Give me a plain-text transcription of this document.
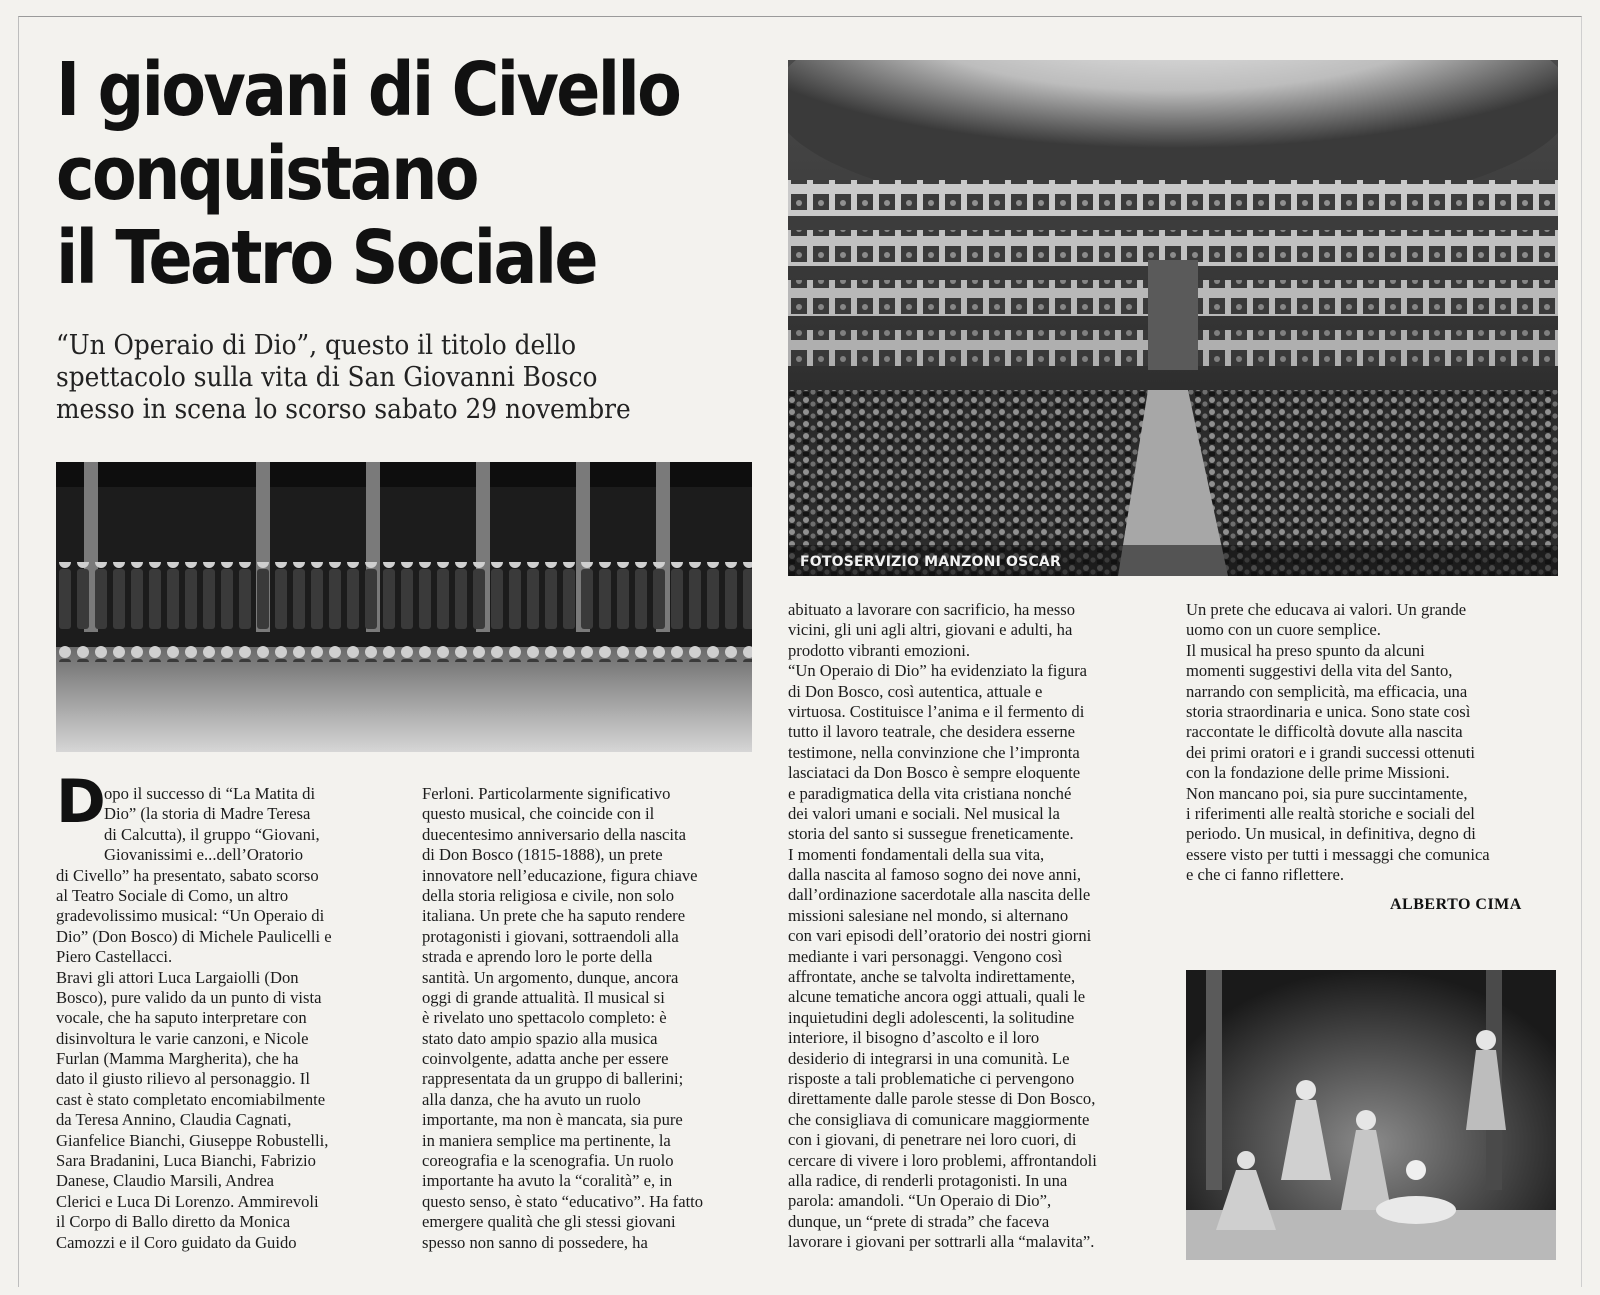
I giovani di Civello
conquistano
il Teatro Sociale
“Un Operaio di Dio”, questo il titolo dello
spettacolo sulla vita di San Giovanni Bosco
messo in scena lo scorso sabato 29 novembre
FOTOSERVIZIO MANZONI OSCAR
D
opo il successo di “La Matita di
Dio” (la storia di Madre Teresa
di Calcutta), il gruppo “Giovani,
Giovanissimi e...dell’Oratorio
di Civello” ha presentato, sabato scorso
al Teatro Sociale di Como, un altro
gradevolissimo musical: “Un Operaio di
Dio” (Don Bosco) di Michele Paulicelli e
Piero Castellacci.
Bravi gli attori Luca Largaiolli (Don
Bosco), pure valido da un punto di vista
vocale, che ha saputo interpretare con
disinvoltura le varie canzoni, e Nicole
Furlan (Mamma Margherita), che ha
dato il giusto rilievo al personaggio. Il
cast è stato completato encomiabilmente
da Teresa Annino, Claudia Cagnati,
Gianfelice Bianchi, Giuseppe Robustelli,
Sara Bradanini, Luca Bianchi, Fabrizio
Danese, Claudio Marsili, Andrea
Clerici e Luca Di Lorenzo. Ammirevoli
il Corpo di Ballo diretto da Monica
Camozzi e il Coro guidato da Guido
Ferloni. Particolarmente significativo
questo musical, che coincide con il
duecentesimo anniversario della nascita
di Don Bosco (1815-1888), un prete
innovatore nell’educazione, figura chiave
della storia religiosa e civile, non solo
italiana. Un prete che ha saputo rendere
protagonisti i giovani, sottraendoli alla
strada e aprendo loro le porte della
santità. Un argomento, dunque, ancora
oggi di grande attualità. Il musical si
è rivelato uno spettacolo completo: è
stato dato ampio spazio alla musica
coinvolgente, adatta anche per essere
rappresentata da un gruppo di ballerini;
alla danza, che ha avuto un ruolo
importante, ma non è mancata, sia pure
in maniera semplice ma pertinente, la
coreografia e la scenografia. Un ruolo
importante ha avuto la “coralità” e, in
questo senso, è stato “educativo”. Ha fatto
emergere qualità che gli stessi giovani
spesso non sanno di possedere, ha
abituato a lavorare con sacrificio, ha messo
vicini, gli uni agli altri, giovani e adulti, ha
prodotto vibranti emozioni.
“Un Operaio di Dio” ha evidenziato la figura
di Don Bosco, così autentica, attuale e
virtuosa. Costituisce l’anima e il fermento di
tutto il lavoro teatrale, che desidera esserne
testimone, nella convinzione che l’impronta
lasciataci da Don Bosco è sempre eloquente
e paradigmatica della vita cristiana nonché
dei valori umani e sociali. Nel musical la
storia del santo si sussegue freneticamente.
I momenti fondamentali della sua vita,
dalla nascita al famoso sogno dei nove anni,
dall’ordinazione sacerdotale alla nascita delle
missioni salesiane nel mondo, si alternano
con vari episodi dell’oratorio dei nostri giorni
mediante i vari personaggi. Vengono così
affrontate, anche se talvolta indirettamente,
alcune tematiche ancora oggi attuali, quali le
inquietudini degli adolescenti, la solitudine
interiore, il bisogno d’ascolto e il loro
desiderio di integrarsi in una comunità. Le
risposte a tali problematiche ci pervengono
direttamente dalle parole stesse di Don Bosco,
che consigliava di comunicare maggiormente
con i giovani, di penetrare nei loro cuori, di
cercare di vivere i loro problemi, affrontandoli
alla radice, di renderli protagonisti. In una
parola: amandoli. “Un Operaio di Dio”,
dunque, un “prete di strada” che faceva
lavorare i giovani per sottrarli alla “malavita”.
Un prete che educava ai valori. Un grande
uomo con un cuore semplice.
Il musical ha preso spunto da alcuni
momenti suggestivi della vita del Santo,
narrando con semplicità, ma efficacia, una
storia straordinaria e unica. Sono state così
raccontate le difficoltà dovute alla nascita
dei primi oratori e i grandi successi ottenuti
con la fondazione delle prime Missioni.
Non mancano poi, sia pure succintamente,
i riferimenti alle realtà storiche e sociali del
periodo. Un musical, in definitiva, degno di
essere visto per tutti i messaggi che comunica
e che ci fanno riflettere.
ALBERTO CIMA
